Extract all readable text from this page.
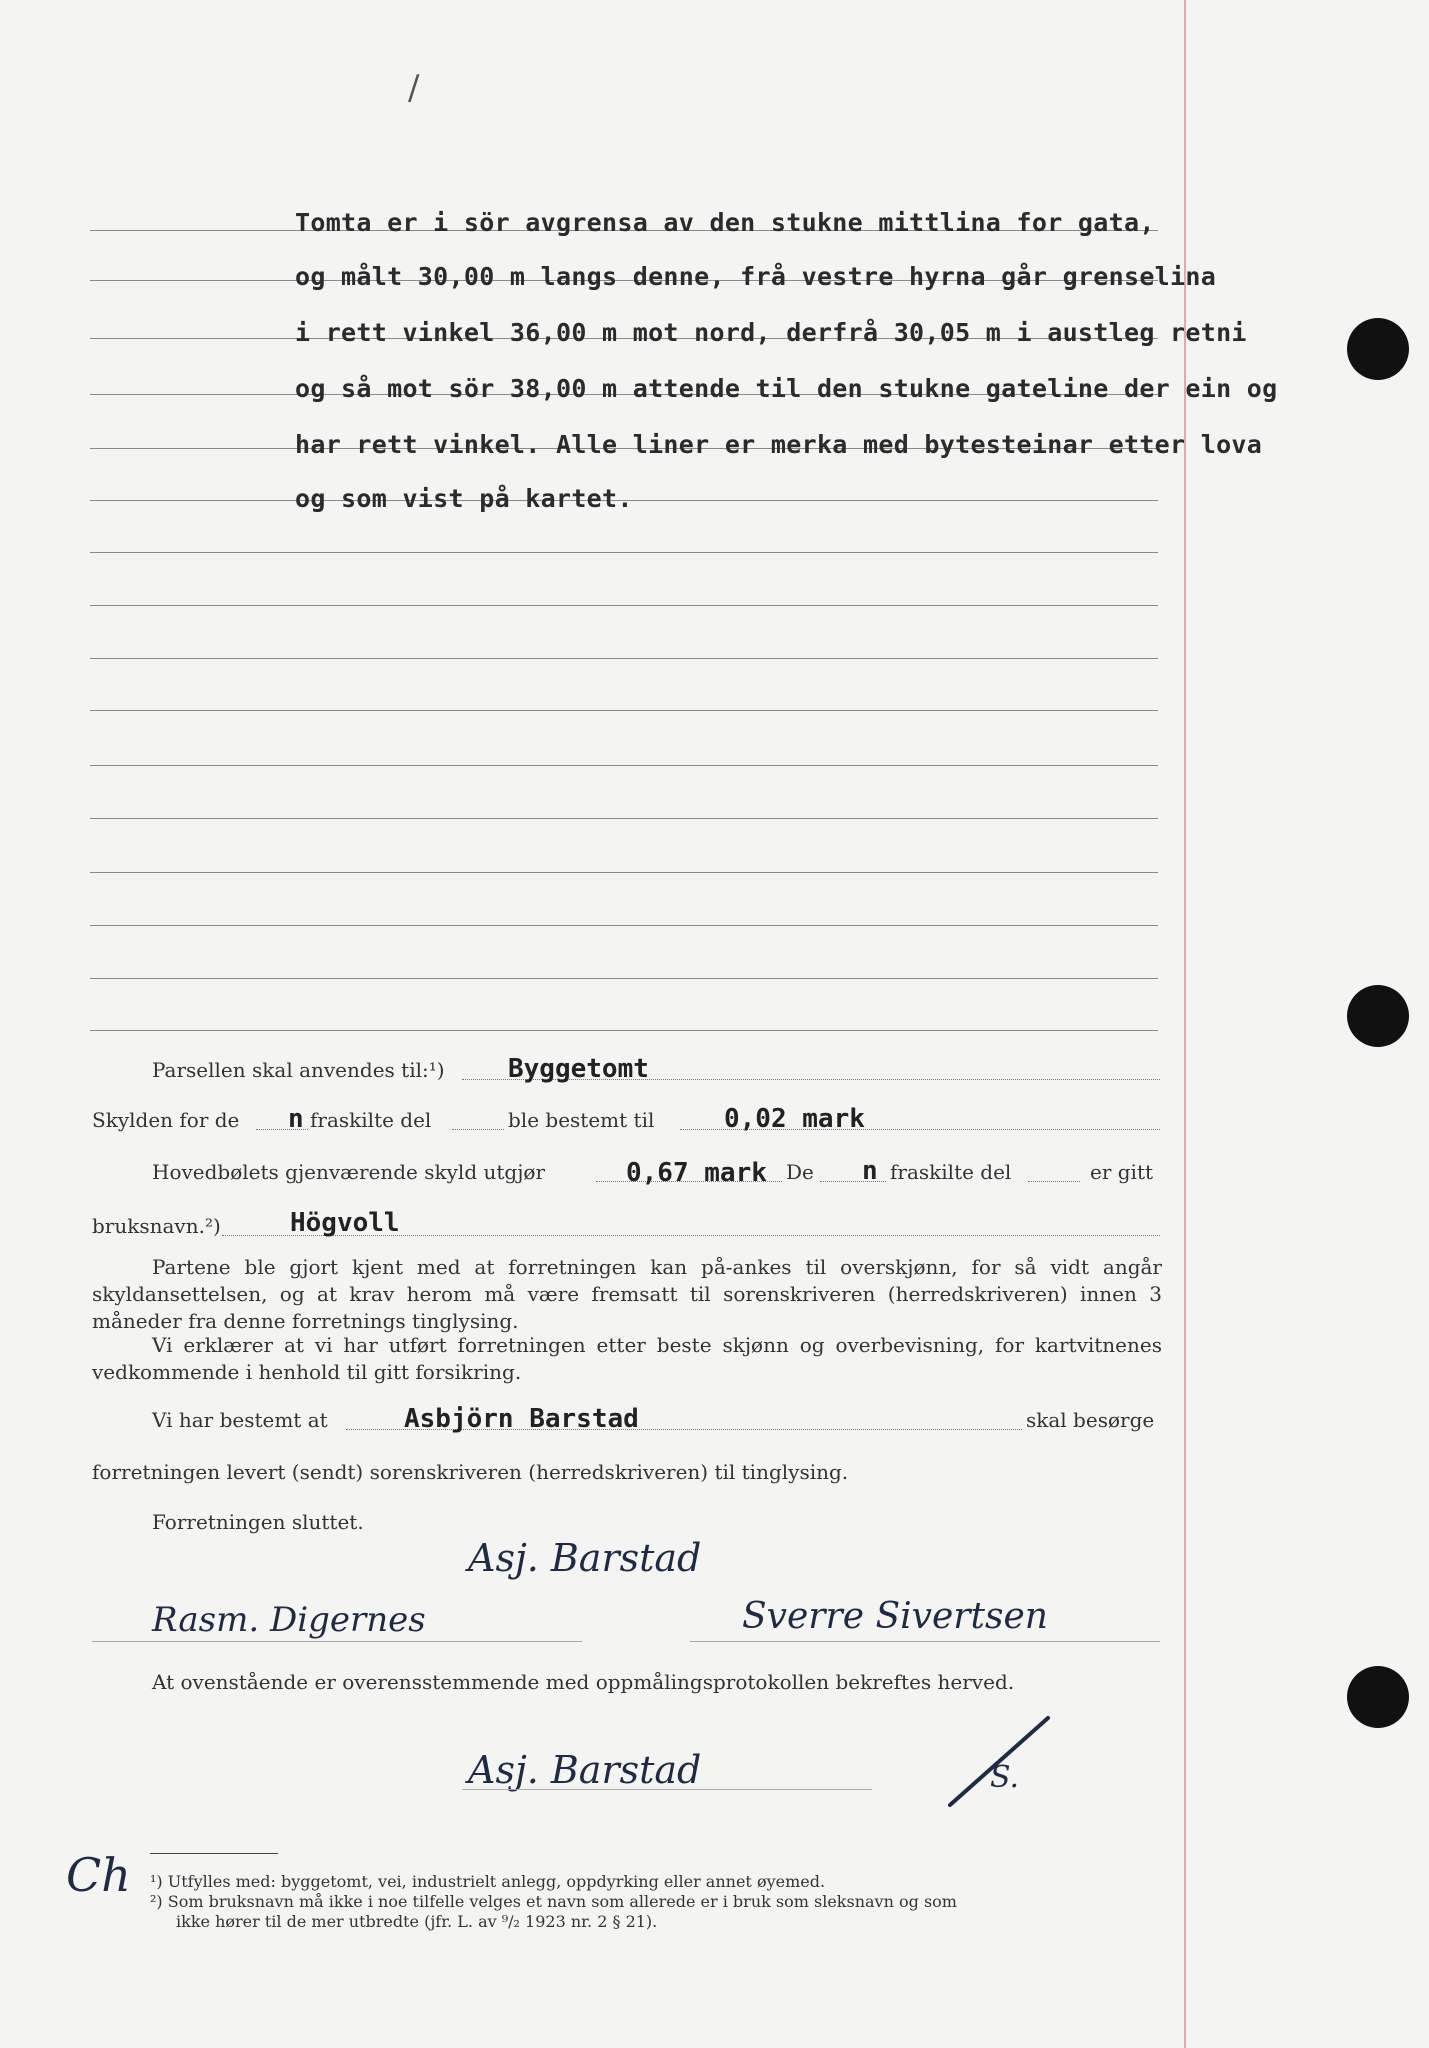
/
Tomta er i sör avgrensa av den stukne mittlina for gata,
og målt 30,00 m langs denne, frå vestre hyrna går grenselina
i rett vinkel 36,00 m mot nord, derfrå 30,05 m i austleg retni
og så mot sör 38,00 m attende til den stukne gateline der ein og
har rett vinkel. Alle liner er merka med bytesteinar etter lova
og som vist på kartet.
Parsellen skal anvendes til:¹) Byggetomt
Skylden for de n fraskilte del	ble bestemt til	0,02 mark
Hovedbølets gjenværende skyld utgjør	0,67 mark De n fraskilte del	er gitt
bruksnavn.²)	Högvoll
Partene ble gjort kjent med at forretningen kan på-ankes til overskjønn, for så vidt angår skyldansettelsen, og at krav herom må være fremsatt til sorenskriveren (herredskriveren) innen 3 måneder fra denne forretnings tinglysing.
Vi erklærer at vi har utført forretningen etter beste skjønn og overbevisning, for kartvitnenes vedkommende i henhold til gitt forsikring.
Vi har bestemt at	Asbjörn Barstad	skal besørge
forretningen levert (sendt) sorenskriveren (herredskriveren) til tinglysing.
Forretningen sluttet.
Asj. Barstad
Rasm. Digernes	Sverre Sivertsen
At ovenstående er overensstemmende med oppmålingsprotokollen bekreftes herved.
Asj. Barstad	S.
Ch ¹) Utfylles med: byggetomt, vei, industrielt anlegg, oppdyrking eller annet øyemed.
²) Som bruksnavn må ikke i noe tilfelle velges et navn som allerede er i bruk som sleksnavn og som
ikke hører til de mer utbredte (jfr. L. av ⁹/₂ 1923 nr. 2 § 21).
